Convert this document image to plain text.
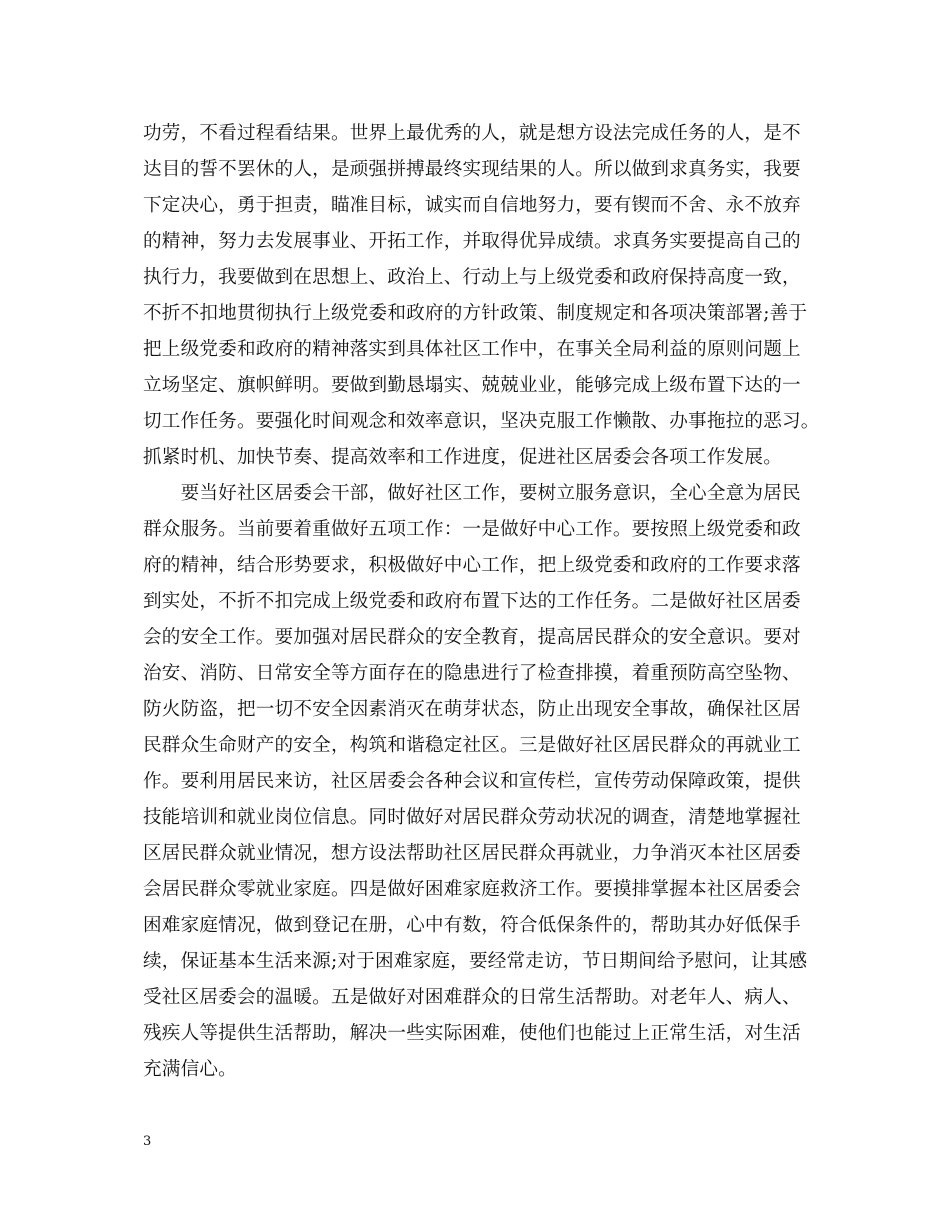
功劳，不看过程看结果。世界上最优秀的人，就是想方设法完成任务的人，是不
达目的誓不罢休的人，是顽强拼搏最终实现结果的人。所以做到求真务实，我要
下定决心，勇于担责，瞄准目标，诚实而自信地努力，要有锲而不舍、永不放弃
的精神，努力去发展事业、开拓工作，并取得优异成绩。求真务实要提高自己的
执行力，我要做到在思想上、政治上、行动上与上级党委和政府保持高度一致，
不折不扣地贯彻执行上级党委和政府的方针政策、制度规定和各项决策部署;善于
把上级党委和政府的精神落实到具体社区工作中，在事关全局利益的原则问题上
立场坚定、旗帜鲜明。要做到勤恳塌实、兢兢业业，能够完成上级布置下达的一
切工作任务。要强化时间观念和效率意识，坚决克服工作懒散、办事拖拉的恶习。
抓紧时机、加快节奏、提高效率和工作进度，促进社区居委会各项工作发展。
　　要当好社区居委会干部，做好社区工作，要树立服务意识，全心全意为居民
群众服务。当前要着重做好五项工作：一是做好中心工作。要按照上级党委和政
府的精神，结合形势要求，积极做好中心工作，把上级党委和政府的工作要求落
到实处，不折不扣完成上级党委和政府布置下达的工作任务。二是做好社区居委
会的安全工作。要加强对居民群众的安全教育，提高居民群众的安全意识。要对
治安、消防、日常安全等方面存在的隐患进行了检查排摸，着重预防高空坠物、
防火防盗，把一切不安全因素消灭在萌芽状态，防止出现安全事故，确保社区居
民群众生命财产的安全，构筑和谐稳定社区。三是做好社区居民群众的再就业工
作。要利用居民来访，社区居委会各种会议和宣传栏，宣传劳动保障政策，提供
技能培训和就业岗位信息。同时做好对居民群众劳动状况的调查，清楚地掌握社
区居民群众就业情况，想方设法帮助社区居民群众再就业，力争消灭本社区居委
会居民群众零就业家庭。四是做好困难家庭救济工作。要摸排掌握本社区居委会
困难家庭情况，做到登记在册，心中有数，符合低保条件的，帮助其办好低保手
续，保证基本生活来源;对于困难家庭，要经常走访，节日期间给予慰问，让其感
受社区居委会的温暖。五是做好对困难群众的日常生活帮助。对老年人、病人、
残疾人等提供生活帮助，解决一些实际困难，使他们也能过上正常生活，对生活
充满信心。
3
